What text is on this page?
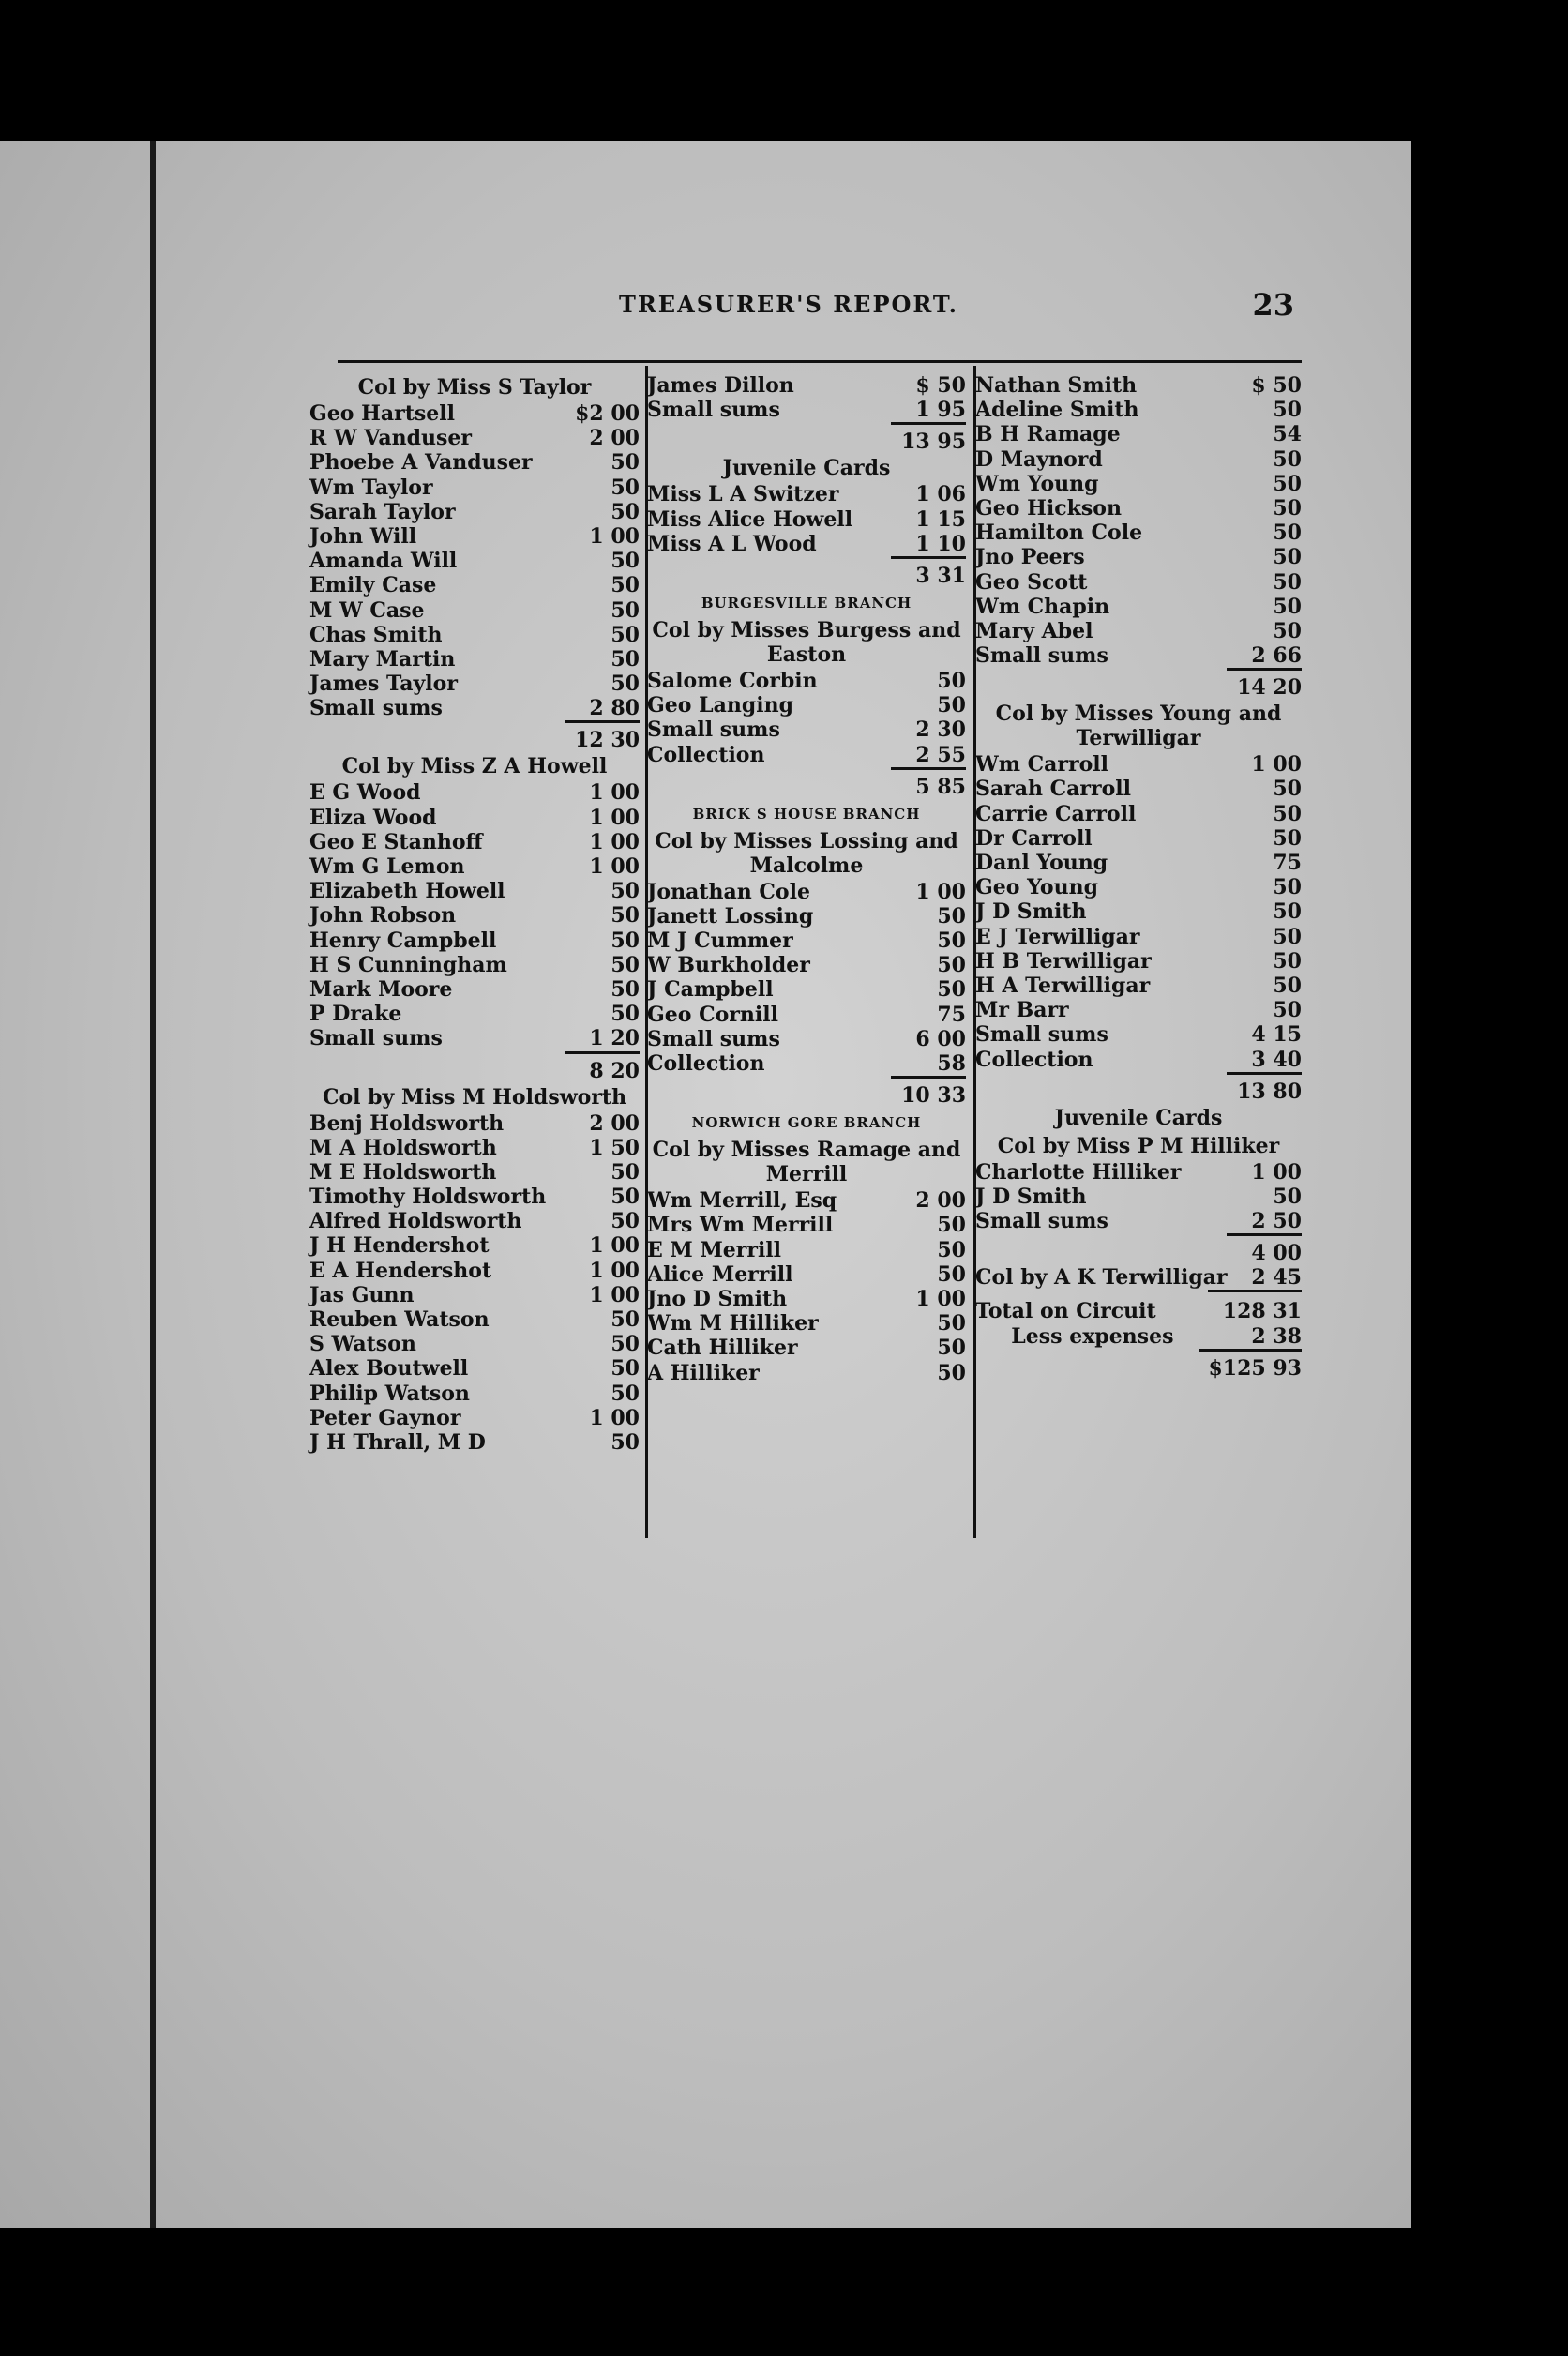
TREASURER'S REPORT.	23
Col by Miss S Taylor
Geo Hartsell	$2 00
R W Vanduser	2 00
Phoebe A Vanduser	50
Wm Taylor	50
Sarah Taylor	50
John Will	1 00
Amanda Will	50
Emily Case	50
M W Case	50
Chas Smith	50
Mary Martin	50
James Taylor	50
Small sums	2 80
12 30
Col by Miss Z A Howell
E G Wood	1 00
Eliza Wood	1 00
Geo E Stanhoff	1 00
Wm G Lemon	1 00
Elizabeth Howell	50
John Robson	50
Henry Campbell	50
H S Cunningham	50
Mark Moore	50
P Drake	50
Small sums	1 20
8 20
Col by Miss M Holdsworth
Benj Holdsworth	2 00
M A Holdsworth	1 50
M E Holdsworth	50
Timothy Holdsworth	50
Alfred Holdsworth	50
J H Hendershot	1 00
E A Hendershot	1 00
Jas Gunn	1 00
Reuben Watson	50
S Watson	50
Alex Boutwell	50
Philip Watson	50
Peter Gaynor	1 00
J H Thrall, M D	50
James Dillon	$ 50
Small sums	1 95
13 95
Juvenile Cards
Miss L A Switzer	1 06
Miss Alice Howell	1 15
Miss A L Wood	1 10
3 31
BURGESVILLE BRANCH
Col by Misses Burgess and Easton
Salome Corbin	50
Geo Langing	50
Small sums	2 30
Collection	2 55
5 85
BRICK S HOUSE BRANCH
Col by Misses Lossing and Malcolme
Jonathan Cole	1 00
Janett Lossing	50
M J Cummer	50
W Burkholder	50
J Campbell	50
Geo Cornill	75
Small sums	6 00
Collection	58
10 33
NORWICH GORE BRANCH
Col by Misses Ramage and Merrill
Wm Merrill, Esq	2 00
Mrs Wm Merrill	50
E M Merrill	50
Alice Merrill	50
Jno D Smith	1 00
Wm M Hilliker	50
Cath Hilliker	50
A Hilliker	50
Nathan Smith	$ 50
Adeline Smith	50
B H Ramage	54
D Maynord	50
Wm Young	50
Geo Hickson	50
Hamilton Cole	50
Jno Peers	50
Geo Scott	50
Wm Chapin	50
Mary Abel	50
Small sums	2 66
14 20
Col by Misses Young and Terwilligar
Wm Carroll	1 00
Sarah Carroll	50
Carrie Carroll	50
Dr Carroll	50
Danl Young	75
Geo Young	50
J D Smith	50
E J Terwilligar	50
H B Terwilligar	50
H A Terwilligar	50
Mr Barr	50
Small sums	4 15
Collection	3 40
13 80
Juvenile Cards
Col by Miss P M Hilliker
Charlotte Hilliker	1 00
J D Smith	50
Small sums	2 50
4 00
Col by A K Terwilligar	2 45
Total on Circuit	128 31
Less expenses	2 38
$125 93
